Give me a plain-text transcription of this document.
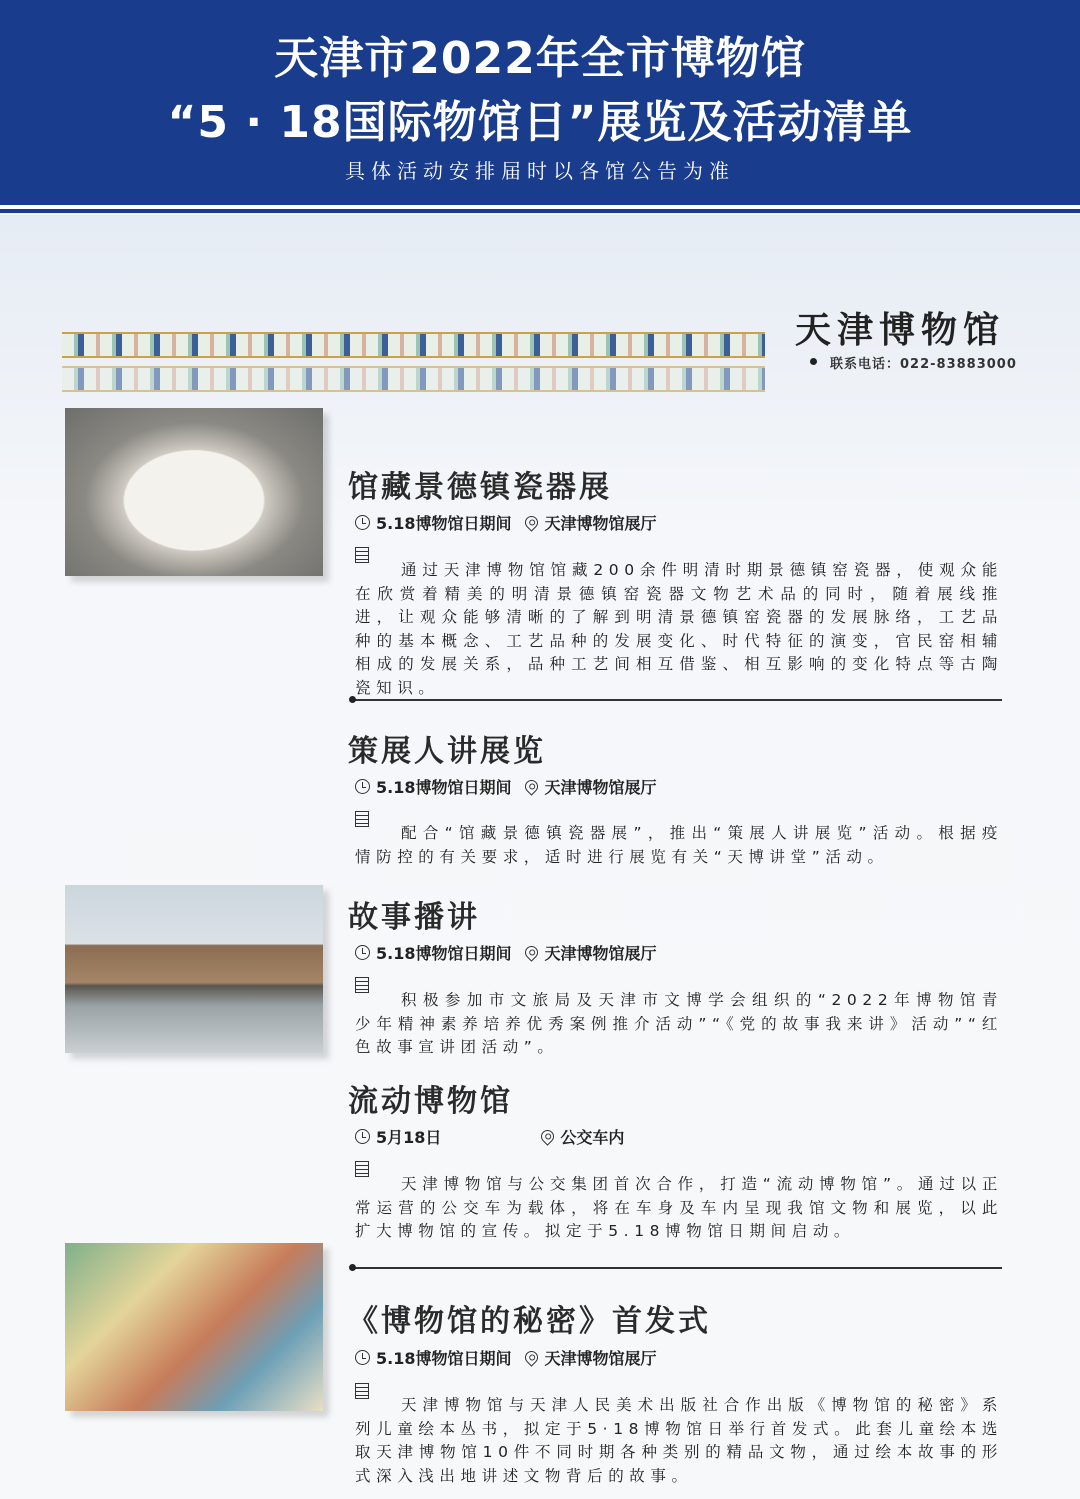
天津市2022年全市博物馆
“5 · 18国际物馆日”展览及活动清单
具体活动安排届时以各馆公告为准
天津博物馆
联系电话：022-83883000
馆藏景德镇瓷器展
5.18博物馆日期间 天津博物馆展厅
通过天津博物馆馆藏200余件明清时期景德镇窑瓷器，使观众能在欣赏着精美的明清景德镇窑瓷器文物艺术品的同时，随着展线推进，让观众能够清晰的了解到明清景德镇窑瓷器的发展脉络，工艺品种的基本概念、工艺品种的发展变化、时代特征的演变，官民窑相辅相成的发展关系，品种工艺间相互借鉴、相互影响的变化特点等古陶瓷知识。
策展人讲展览
5.18博物馆日期间 天津博物馆展厅
配合“馆藏景德镇瓷器展”，推出“策展人讲展览”活动。根据疫情防控的有关要求，适时进行展览有关“天博讲堂”活动。
故事播讲
5.18博物馆日期间 天津博物馆展厅
积极参加市文旅局及天津市文博学会组织的“2022年博物馆青少年精神素养培养优秀案例推介活动”“《党的故事我来讲》活动”“红色故事宣讲团活动”。
流动博物馆
5月18日	公交车内
天津博物馆与公交集团首次合作，打造“流动博物馆”。通过以正常运营的公交车为载体，将在车身及车内呈现我馆文物和展览，以此扩大博物馆的宣传。拟定于5.18博物馆日期间启动。
《博物馆的秘密》首发式
5.18博物馆日期间 天津博物馆展厅
天津博物馆与天津人民美术出版社合作出版《博物馆的秘密》系列儿童绘本丛书，拟定于5·18博物馆日举行首发式。此套儿童绘本选取天津博物馆10件不同时期各种类别的精品文物，通过绘本故事的形式深入浅出地讲述文物背后的故事。
